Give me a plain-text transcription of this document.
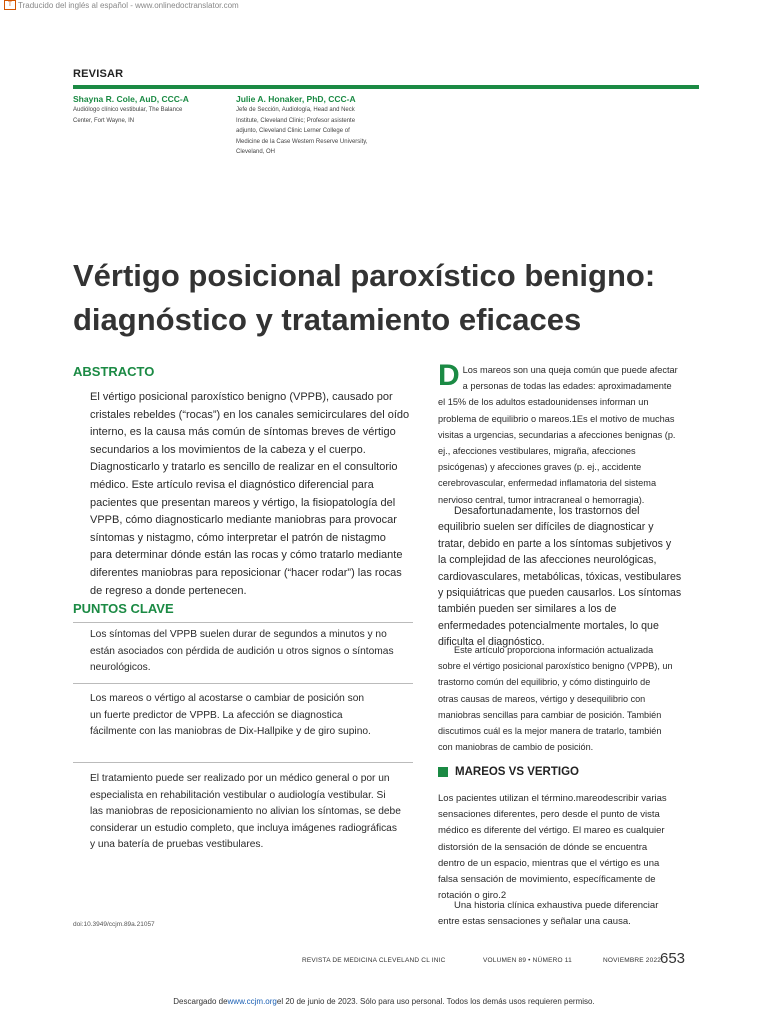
T Traducido del inglés al español - www.onlinedoctranslator.com
REVISAR
Shayna R. Cole, AuD, CCC-A
Audiólogo clínico vestibular, The Balance
Center, Fort Wayne, IN
Julie A. Honaker, PhD, CCC-A
Jefe de Sección, Audiología, Head and Neck
Institute, Cleveland Clinic; Profesor asistente
adjunto, Cleveland Clinic Lerner College of
Medicine de la Case Western Reserve University,
Cleveland, OH
Vértigo posicional paroxístico benigno:
diagnóstico y tratamiento eficaces
ABSTRACTO
El vértigo posicional paroxístico benigno (VPPB), causado por
cristales rebeldes (“rocas”) en los canales semicirculares del oído
interno, es la causa más común de síntomas breves de vértigo
secundarios a los movimientos de la cabeza y el cuerpo.
Diagnosticarlo y tratarlo es sencillo de realizar en el consultorio
médico. Este artículo revisa el diagnóstico diferencial para
pacientes que presentan mareos y vértigo, la fisiopatología del
VPPB, cómo diagnosticarlo mediante maniobras para provocar
síntomas y nistagmo, cómo interpretar el patrón de nistagmo
para determinar dónde están las rocas y cómo tratarlo mediante
diferentes maniobras para reposicionar (“hacer rodar”) las rocas
de regreso a donde pertenecen.
PUNTOS CLAVE
Los síntomas del VPPB suelen durar de segundos a minutos y no
están asociados con pérdida de audición u otros signos o síntomas
neurológicos.
Los mareos o vértigo al acostarse o cambiar de posición son
un fuerte predictor de VPPB. La afección se diagnostica
fácilmente con las maniobras de Dix-Hallpike y de giro supino.
El tratamiento puede ser realizado por un médico general o por un
especialista en rehabilitación vestibular o audiología vestibular. Si
las maniobras de reposicionamiento no alivian los síntomas, se debe
considerar un estudio completo, que incluya imágenes radiográficas
y una batería de pruebas vestibulares.
doi:10.3949/ccjm.89a.21057
D Los mareos son una queja común que puede afectar

a personas de todas las edades: aproximadamente

el 15% de los adultos estadounidenses informan un

problema de equilibrio o mareos.1Es el motivo de muchas

visitas a urgencias, secundarias a afecciones benignas (p.

ej., afecciones vestibulares, migraña, afecciones

psicógenas) y afecciones graves (p. ej., accidente

cerebrovascular, enfermedad inflamatoria del sistema

nervioso central, tumor intracraneal o hemorragia).

Desafortunadamente, los trastornos del

equilibrio suelen ser difíciles de diagnosticar y

tratar, debido en parte a los síntomas subjetivos y

la complejidad de las afecciones neurológicas,

cardiovasculares, metabólicas, tóxicas, vestibulares

y psiquiátricas que pueden causarlos. Los síntomas

también pueden ser similares a los de

enfermedades potencialmente mortales, lo que

dificulta el diagnóstico.

Este artículo proporciona información actualizada

sobre el vértigo posicional paroxístico benigno (VPPB), un

trastorno común del equilibrio, y cómo distinguirlo de

otras causas de mareos, vértigo y desequilibrio con

maniobras sencillas para cambiar de posición. También

discutimos cuál es la mejor manera de tratarlo, también

con maniobras de cambio de posición.

MAREOS VS VERTIGO

Los pacientes utilizan el término.mareodescribir varias

sensaciones diferentes, pero desde el punto de vista

médico es diferente del vértigo. El mareo es cualquier

distorsión de la sensación de dónde se encuentra

dentro de un espacio, mientras que el vértigo es una

falsa sensación de movimiento, específicamente de

rotación o giro.2

Una historia clínica exhaustiva puede diferenciar

entre estas sensaciones y señalar una causa.

REVISTA DE MEDICINA CLEVELAND CL INIC	VOLUMEN 89 • NÚMERO 11	NOVIEMBRE 2022
653
Descargado dewww.ccjm.orgel 20 de junio de 2023. Sólo para uso personal. Todos los demás usos requieren permiso.
